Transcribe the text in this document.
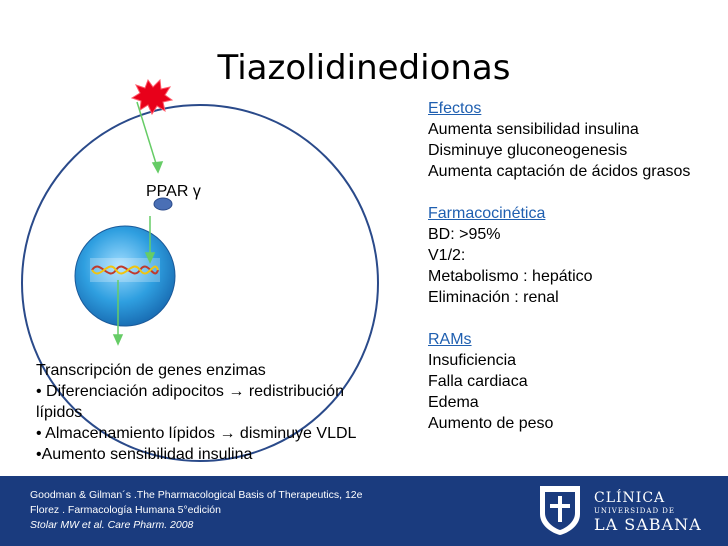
Tiazolidinedionas
PPAR γ
Efectos
Aumenta sensibilidad insulina
Disminuye gluconeogenesis
Aumenta captación de ácidos grasos
Farmacocinética
BD: >95%
V1/2:
Metabolismo : hepático
Eliminación : renal
RAMs
Insuficiencia
Falla cardiaca
Edema
Aumento de peso
Transcripción de genes enzimas
• Diferenciación adipocitos → redistribución
lípidos
• Almacenamiento lípidos → disminuye VLDL
•Aumento sensibilidad insulina
Goodman & Gilman´s .The Pharmacological Basis of Therapeutics, 12e
Florez . Farmacología Humana 5°edición
Stolar MW et al. Care Pharm. 2008
CLÍNICA
UNIVERSIDAD DE
LA SABANA
